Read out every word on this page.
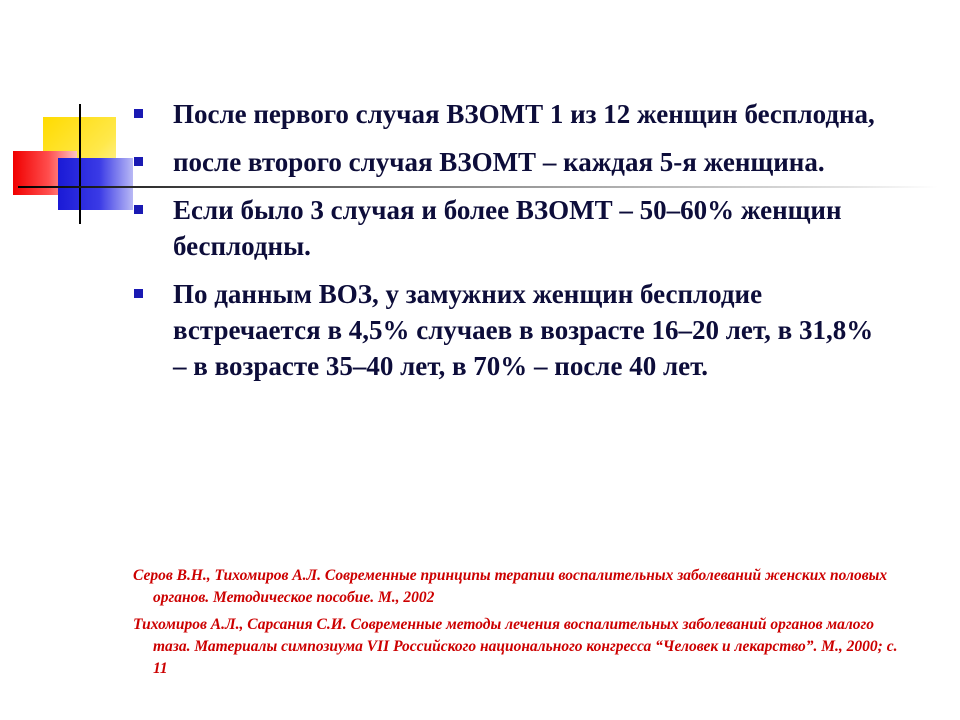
После первого случая ВЗОМТ 1 из 12 женщин бесплодна,
после второго случая ВЗОМТ – каждая 5-я женщина.
Если было 3 случая и более ВЗОМТ – 50–60% женщин бесплодны.
По данным ВОЗ, у замужних женщин бесплодие встречается в 4,5% случаев в возрасте 16–20 лет, в 31,8% – в возрасте 35–40 лет, в 70% – после 40 лет.
Серов В.Н., Тихомиров А.Л. Современные принципы терапии воспалительных заболеваний женских половых органов. Методическое пособие. М., 2002
Тихомиров А.Л., Сарсания С.И. Современные методы лечения воспалительных заболеваний органов малого таза. Материалы симпозиума VII Российского национального конгресса “Человек и лекарство”. М., 2000; с. 11
